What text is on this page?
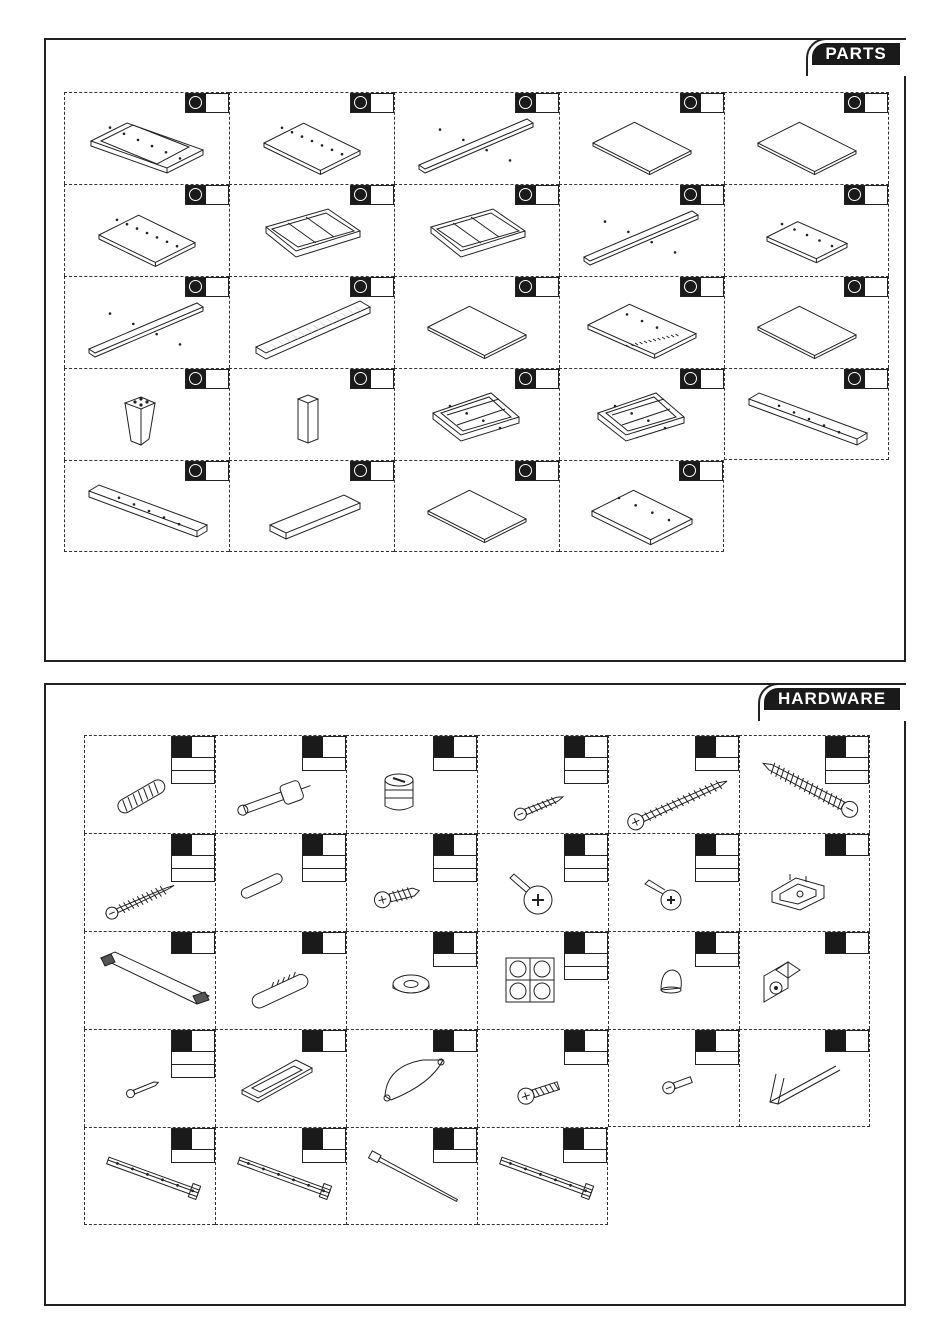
PARTS
HARDWARE
